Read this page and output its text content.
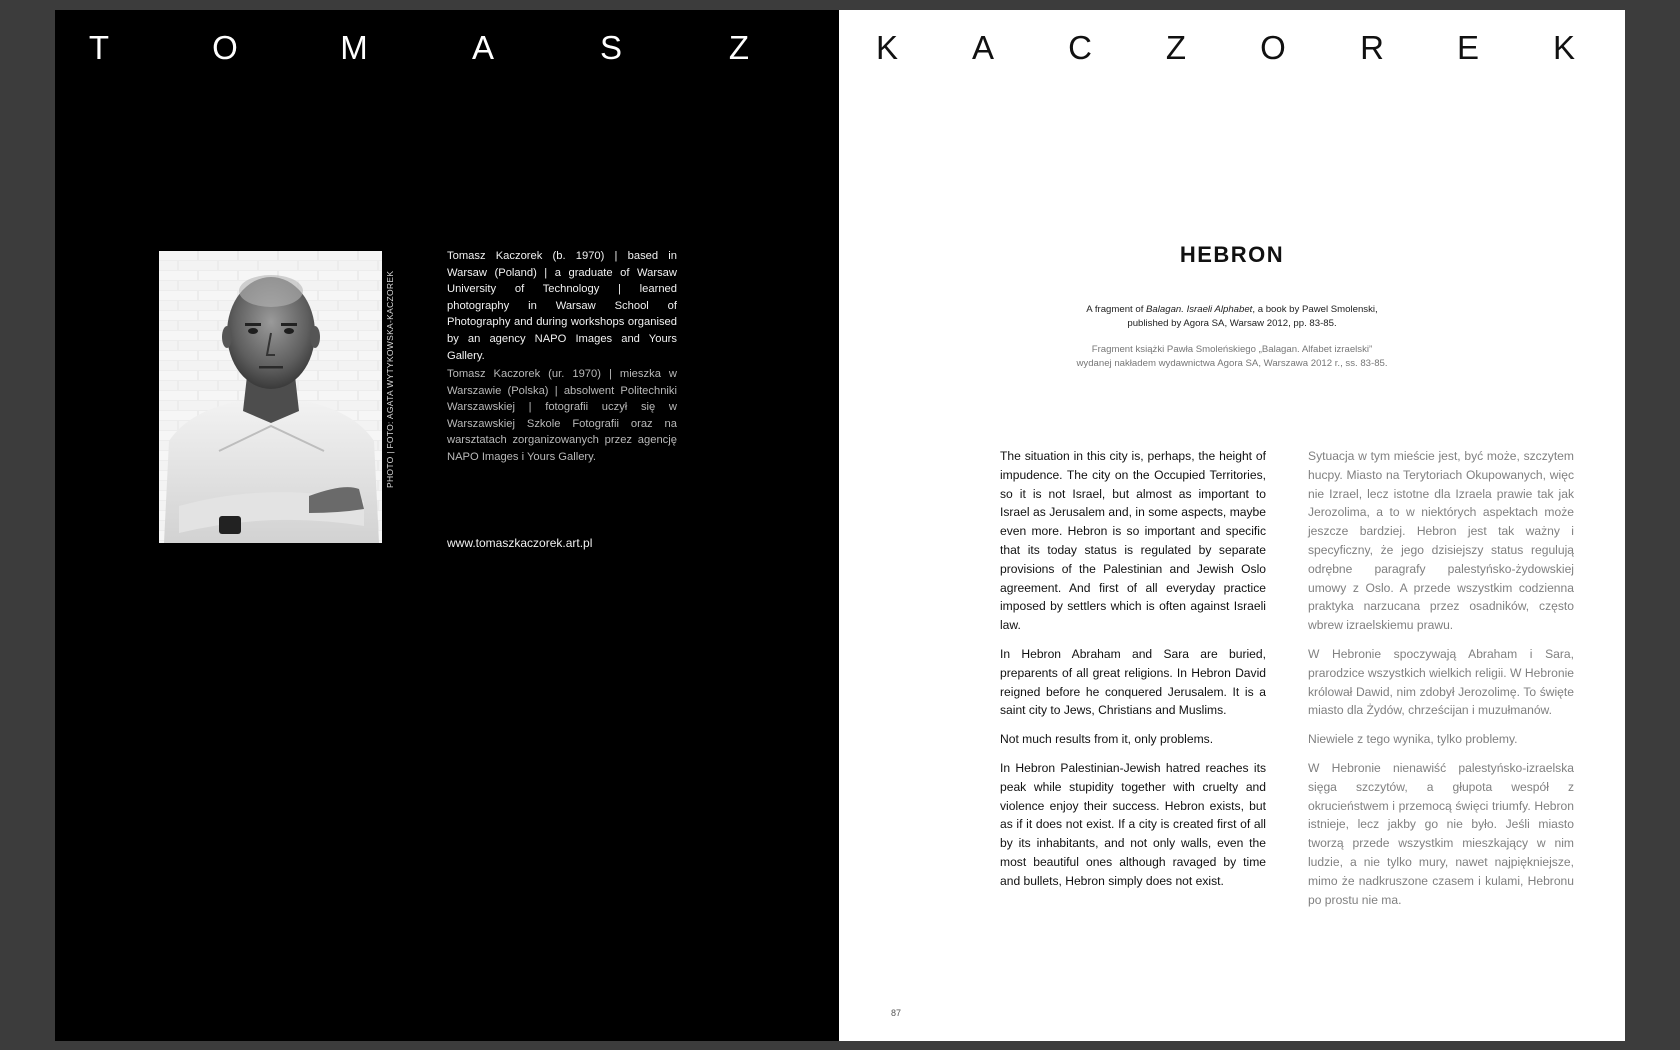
T	O	M	A	S	Z
PHOTO | FOTO: AGATA WYTYKOWSKA-KACZOREK

Tomasz Kaczorek (b. 1970) | based in Warsaw (Poland) | a graduate of Warsaw University of Technology | learned photography in Warsaw School of Photography and during workshops organised by an agency NAPO Images and Yours Gallery.

Tomasz Kaczorek (ur. 1970) | mieszka w Warszawie (Polska) | absolwent Politechniki Warszawskiej | fotografii uczył się w Warszawskiej Szkole Fotografii oraz na warsztatach zorganizowanych przez agencję NAPO Images i Yours Gallery.

www.tomaszkaczorek.art.pl
K A C	Z	O R E K
HEBRON

A fragment of Balagan. Israeli Alphabet, a book by Pawel Smolenski,
published by Agora SA, Warsaw 2012, pp. 83-85.

Fragment książki Pawła Smoleńskiego „Balagan. Alfabet izraelski”
wydanej nakładem wydawnictwa Agora SA, Warszawa 2012 r., ss. 83-85.

The situation in this city is, perhaps, the height of impudence. The city on the Occupied Territories, so it is not Israel, but almost as important to Israel as Jerusalem and, in some aspects, maybe even more. Hebron is so important and specific that its today status is regulated by separate provisions of the Palestinian and Jewish Oslo agreement. And first of all everyday practice imposed by settlers which is often against Israeli law.

In Hebron Abraham and Sara are buried, preparents of all great religions. In Hebron David reigned before he conquered Jerusalem. It is a saint city to Jews, Christians and Muslims.

Not much results from it, only problems.

In Hebron Palestinian-Jewish hatred reaches its peak while stupidity together with cruelty and violence enjoy their success. Hebron exists, but as if it does not exist. If a city is created first of all by its inhabitants, and not only walls, even the most beautiful ones although ravaged by time and bullets, Hebron simply does not exist.

Sytuacja w tym mieście jest, być może, szczytem hucpy. Miasto na Terytoriach Okupowanych, więc nie Izrael, lecz istotne dla Izraela prawie tak jak Jerozolima, a to w niektórych aspektach może jeszcze bardziej. Hebron jest tak ważny i specyficzny, że jego dzisiejszy status regulują odrębne paragrafy palestyńsko-żydowskiej umowy z Oslo. A przede wszystkim codzienna praktyka narzucana przez osadników, często wbrew izraelskiemu prawu.

W Hebronie spoczywają Abraham i Sara, prarodzice wszystkich wielkich religii. W Hebronie królował Dawid, nim zdobył Jerozolimę. To święte miasto dla Żydów, chrześcijan i muzułmanów.

Niewiele z tego wynika, tylko problemy.

W Hebronie nienawiść palestyńsko-izraelska sięga szczytów, a głupota wespół z okrucieństwem i przemocą święci triumfy. Hebron istnieje, lecz jakby go nie było. Jeśli miasto tworzą przede wszystkim mieszkający w nim ludzie, a nie tylko mury, nawet najpiękniejsze, mimo że nadkruszone czasem i kulami, Hebronu po prostu nie ma.

87
